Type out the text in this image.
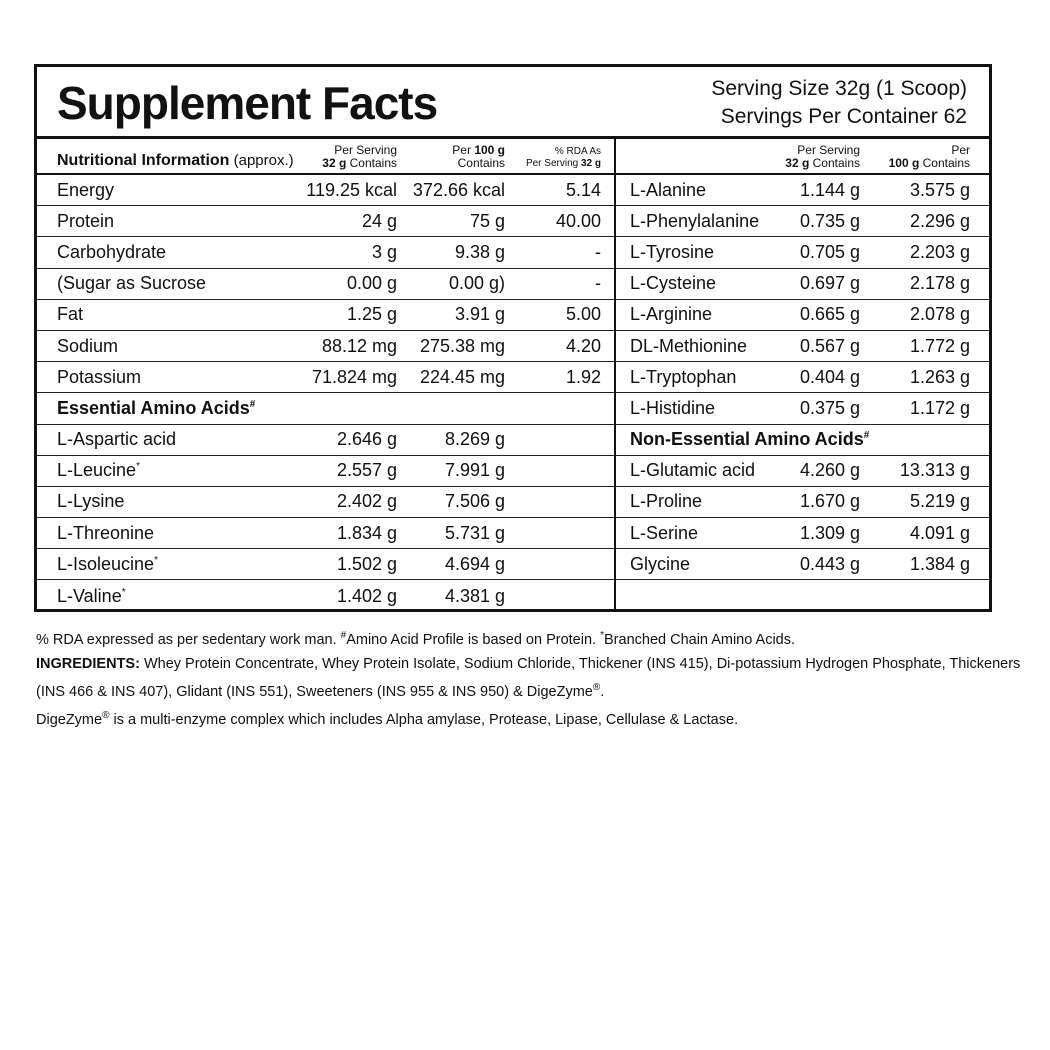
Supplement Facts	Serving Size 32g (1 Scoop)
Servings Per Container 62
Nutritional Information (approx.)
Per Serving
32 g Contains
Per 100 g
Contains
% RDA As
Per Serving 32 g
Energy	119.25 kcal 372.66 kcal	5.14
Protein	24 g	75 g	40.00
Carbohydrate	3 g	9.38 g	-
(Sugar as Sucrose	0.00 g	0.00 g)	-
Fat	1.25 g	3.91 g	5.00
Sodium	88.12 mg	275.38 mg	4.20
Potassium	71.824 mg	224.45 mg	1.92
Essential Amino Acids#
L-Aspartic acid	2.646 g	8.269 g
L-Leucine*	2.557 g	7.991 g
L-Lysine	2.402 g	7.506 g
L-Threonine	1.834 g	5.731 g
L-Isoleucine*	1.502 g	4.694 g
L-Valine*	1.402 g	4.381 g
Per Serving
32 g Contains
Per
100 g Contains
L-Alanine	1.144 g	3.575 g
L-Phenylalanine	0.735 g	2.296 g
L-Tyrosine	0.705 g	2.203 g
L-Cysteine	0.697 g	2.178 g
L-Arginine	0.665 g	2.078 g
DL-Methionine	0.567 g	1.772 g
L-Tryptophan	0.404 g	1.263 g
L-Histidine	0.375 g	1.172 g
Non-Essential Amino Acids#
L-Glutamic acid	4.260 g	13.313 g
L-Proline	1.670 g	5.219 g
L-Serine	1.309 g	4.091 g
Glycine	0.443 g	1.384 g

% RDA expressed as per sedentary work man. #Amino Acid Profile is based on Protein. *Branched Chain Amino Acids.

INGREDIENTS: Whey Protein Concentrate, Whey Protein Isolate, Sodium Chloride, Thickener (INS 415), Di-potassium Hydrogen Phosphate, Thickeners

(INS 466 & INS 407), Glidant (INS 551), Sweeteners (INS 955 & INS 950) & DigeZyme®.

DigeZyme® is a multi-enzyme complex which includes Alpha amylase, Protease, Lipase, Cellulase & Lactase.
